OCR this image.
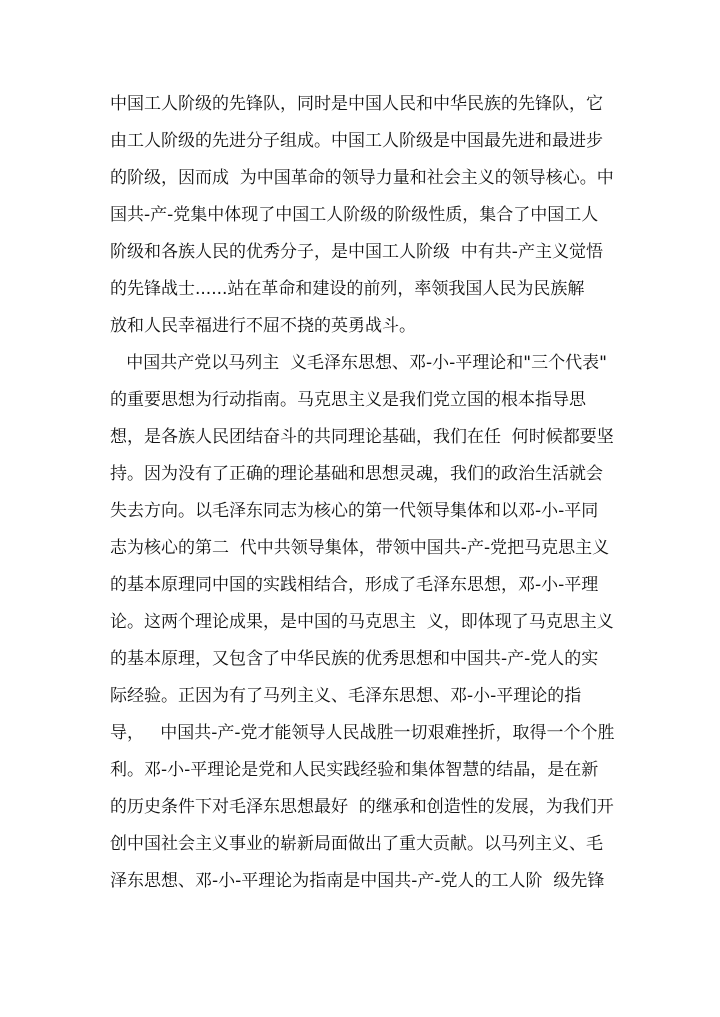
中国工人阶级的先锋队，同时是中国人民和中华民族的先锋队，它
由工人阶级的先进分子组成。中国工人阶级是中国最先进和最进步
的阶级，因而成  为中国革命的领导力量和社会主义的领导核心。中
国共-产-党集中体现了中国工人阶级的阶级性质，集合了中国工人
阶级和各族人民的优秀分子，是中国工人阶级  中有共-产主义觉悟
的先锋战士......站在革命和建设的前列，率领我国人民为民族解
放和人民幸福进行不屈不挠的英勇战斗。
中国共产党以马列主  义毛泽东思想、邓-小-平理论和"三个代表"
的重要思想为行动指南。马克思主义是我们党立国的根本指导思
想，是各族人民团结奋斗的共同理论基础，我们在任  何时候都要坚
持。因为没有了正确的理论基础和思想灵魂，我们的政治生活就会
失去方向。以毛泽东同志为核心的第一代领导集体和以邓-小-平同
志为核心的第二  代中共领导集体，带领中国共-产-党把马克思主义
的基本原理同中国的实践相结合，形成了毛泽东思想，邓-小-平理
论。这两个理论成果，是中国的马克思主  义，即体现了马克思主义
的基本原理，又包含了中华民族的优秀思想和中国共-产-党人的实
际经验。正因为有了马列主义、毛泽东思想、邓-小-平理论的指
导，   中国共-产-党才能领导人民战胜一切艰难挫折，取得一个个胜
利。邓-小-平理论是党和人民实践经验和集体智慧的结晶，是在新
的历史条件下对毛泽东思想最好  的继承和创造性的发展，为我们开
创中国社会主义事业的崭新局面做出了重大贡献。以马列主义、毛
泽东思想、邓-小-平理论为指南是中国共-产-党人的工人阶  级先锋
